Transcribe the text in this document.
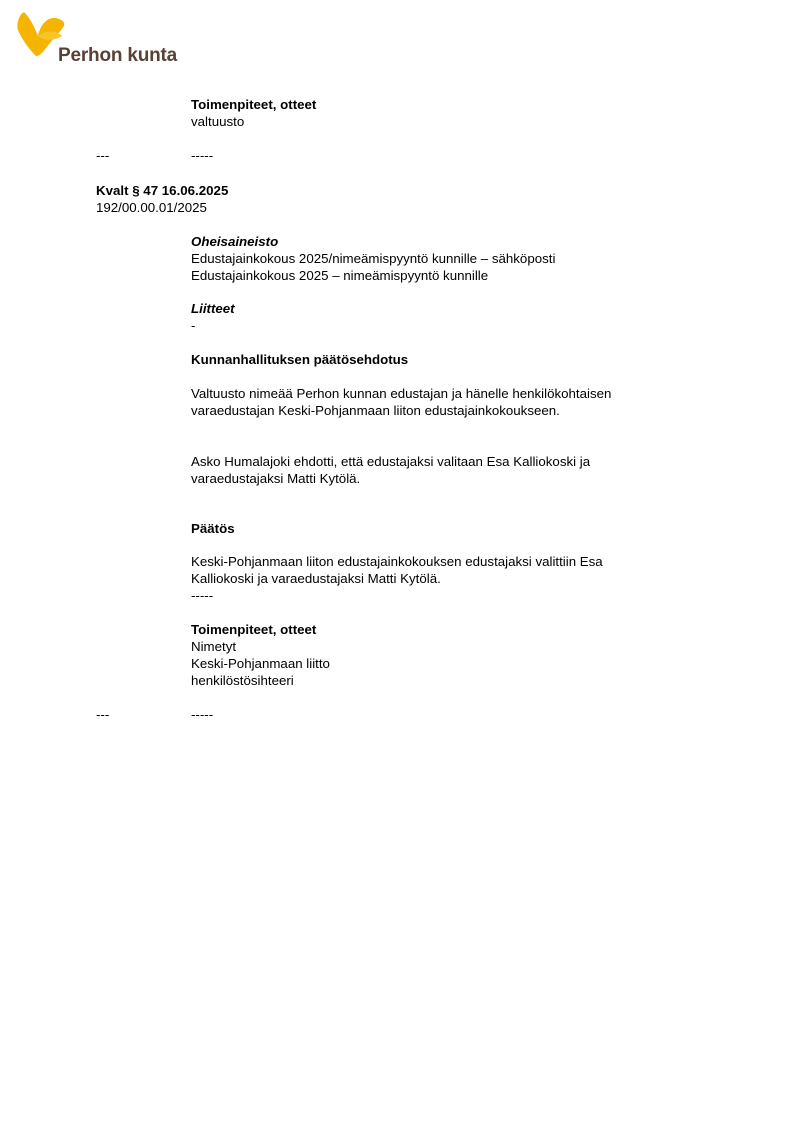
Perhon kunta
Toimenpiteet, otteet
valtuusto
---	-----
Kvalt § 47 16.06.2025
192/00.00.01/2025
Oheisaineisto
Edustajainkokous 2025/nimeämispyyntö kunnille – sähköposti
Edustajainkokous 2025 – nimeämispyyntö kunnille
Liitteet
-
Kunnanhallituksen päätösehdotus
Valtuusto nimeää Perhon kunnan edustajan ja hänelle henkilökohtaisen
varaedustajan Keski-Pohjanmaan liiton edustajainkokoukseen.
Asko Humalajoki ehdotti, että edustajaksi valitaan Esa Kalliokoski ja
varaedustajaksi Matti Kytölä.
Päätös
Keski-Pohjanmaan liiton edustajainkokouksen edustajaksi valittiin Esa
Kalliokoski ja varaedustajaksi Matti Kytölä.
-----
Toimenpiteet, otteet
Nimetyt
Keski-Pohjanmaan liitto
henkilöstösihteeri
---	-----
